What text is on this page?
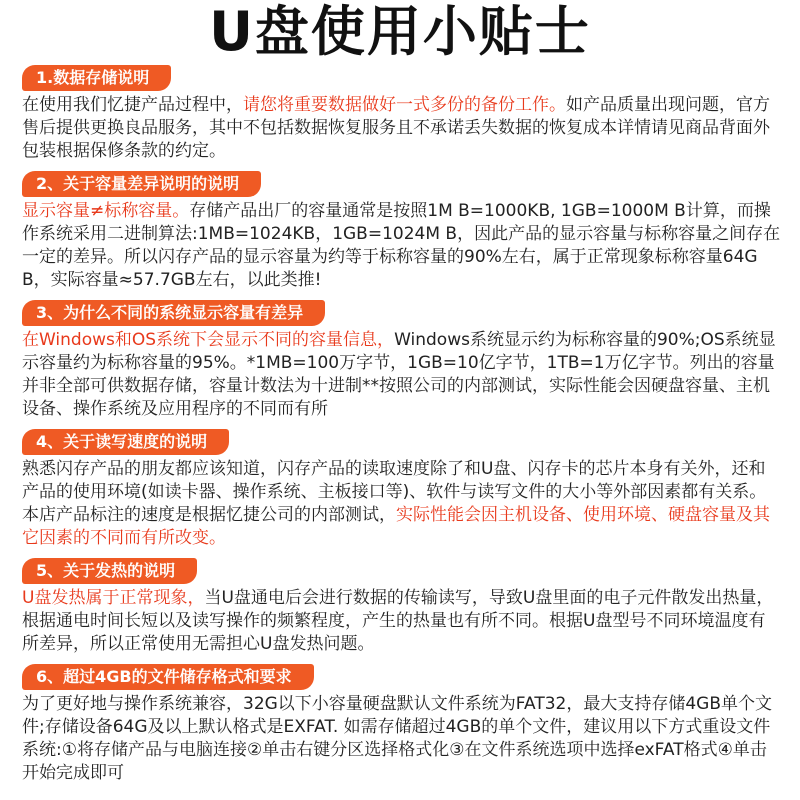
U盘使用小贴士
1.数据存储说明
在使用我们忆捷产品过程中，请您将重要数据做好一式多份的备份工作。如产品质量出现问题，官方售后提供更换良品服务，其中不包括数据恢复服务且不承诺丢失数据的恢复成本详情请见商品背面外包装根据保修条款的约定。
2、关于容量差异说明的说明
显示容量≠标称容量。存储产品出厂的容量通常是按照1M B=1000KB, 1GB=1000M B计算，而操作系统采用二进制算法:1MB=1024KB，1GB=1024M B，因此产品的显示容量与标称容量之间存在一定的差异。所以闪存产品的显示容量为约等于标称容量的90%左右，属于正常现象标称容量64GB，实际容量≈57.7GB左右，以此类推!
3、为什么不同的系统显示容量有差异
在Windows和OS系统下会显示不同的容量信息，Windows系统显示约为标称容量的90%;OS系统显示容量约为标称容量的95%。*1MB=100万字节，1GB=10亿字节，1TB=1万亿字节。列出的容量并非全部可供数据存储，容量计数法为十进制**按照公司的内部测试，实际性能会因硬盘容量、主机设备、操作系统及应用程序的不同而有所
4、关于读写速度的说明
熟悉闪存产品的朋友都应该知道，闪存产品的读取速度除了和U盘、闪存卡的芯片本身有关外，还和产品的使用环境(如读卡器、操作系统、主板接口等)、软件与读写文件的大小等外部因素都有关系。本店产品标注的速度是根据忆捷公司的内部测试，实际性能会因主机设备、使用环境、硬盘容量及其它因素的不同而有所改变。
5、关于发热的说明
U盘发热属于正常现象，当U盘通电后会进行数据的传输读写，导致U盘里面的电子元件散发出热量，根据通电时间长短以及读写操作的频繁程度，产生的热量也有所不同。根据U盘型号不同环境温度有所差异，所以正常使用无需担心U盘发热问题。
6、超过4GB的文件储存格式和要求
为了更好地与操作系统兼容，32G以下小容量硬盘默认文件系统为FAT32，最大支持存储4GB单个文件;存储设备64G及以上默认格式是EXFAT. 如需存储超过4GB的单个文件，建议用以下方式重设文件系统:①将存储产品与电脑连接②单击右键分区选择格式化③在文件系统选项中选择exFAT格式④单击开始完成即可
